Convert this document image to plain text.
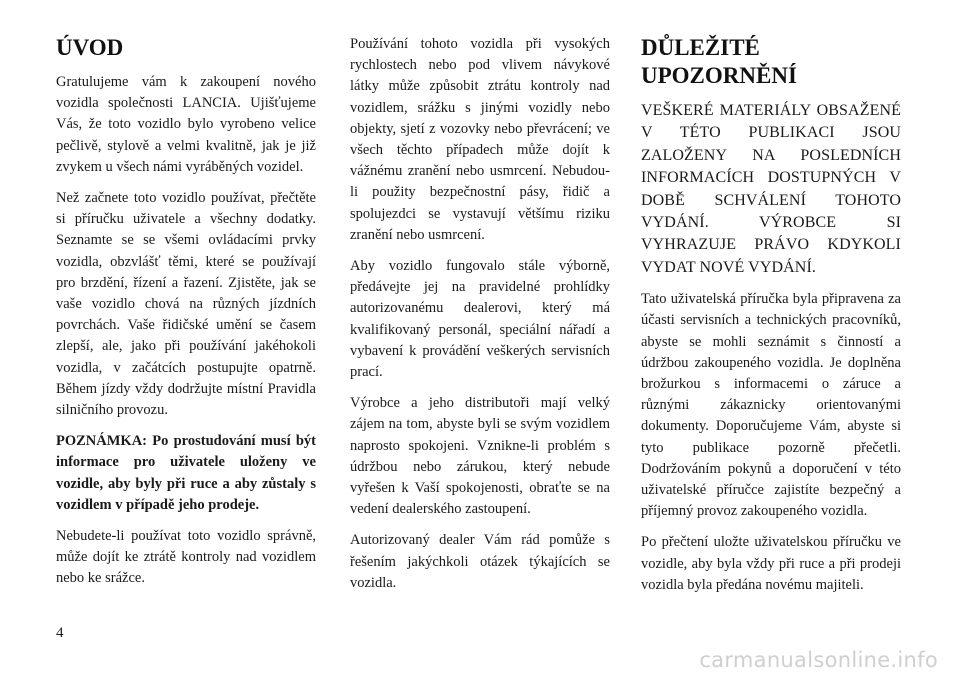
ÚVOD

Gratulujeme vám k zakoupení nového vozidla společnosti LANCIA. Ujišťujeme Vás, že toto vozidlo bylo vyrobeno velice pečlivě, stylově a velmi kvalitně, jak je již zvykem u všech námi vyráběných vozidel.

Než začnete toto vozidlo používat, přečtěte si příručku uživatele a všechny dodatky. Seznamte se se všemi ovládacími prvky vozidla, obzvlášť těmi, které se používají pro brzdění, řízení a řazení. Zjistěte, jak se vaše vozidlo chová na různých jízdních povrchách. Vaše řidičské umění se časem zlepší, ale, jako při používání jakéhokoli vozidla, v začátcích postupujte opatrně. Během jízdy vždy dodržujte místní Pravidla silničního provozu.

POZNÁMKA: Po prostudování musí být informace pro uživatele uloženy ve vozidle, aby byly při ruce a aby zůstaly s vozidlem v případě jeho prodeje.

Nebudete-li používat toto vozidlo správně, může dojít ke ztrátě kontroly nad vozidlem nebo ke srážce.

Používání tohoto vozidla při vysokých rychlostech nebo pod vlivem návykové látky může způsobit ztrátu kontroly nad vozidlem, srážku s jinými vozidly nebo objekty, sjetí z vozovky nebo převrácení; ve všech těchto případech může dojít k vážnému zranění nebo usmrcení. Nebudou-li použity bezpečnostní pásy, řidič a spolujezdci se vystavují většímu riziku zranění nebo usmrcení.

Aby vozidlo fungovalo stále výborně, předávejte jej na pravidelné prohlídky autorizovanému dealerovi, který má kvalifikovaný personál, speciální nářadí a vybavení k provádění veškerých servisních prací.

Výrobce a jeho distributoři mají velký zájem na tom, abyste byli se svým vozidlem naprosto spokojeni. Vznikne-li problém s údržbou nebo zárukou, který nebude vyřešen k Vaší spokojenosti, obraťte se na vedení dealerského zastoupení.

Autorizovaný dealer Vám rád pomůže s řešením jakýchkoli otázek týkajících se vozidla.

DŮLEŽITÉ UPOZORNĚNÍ

VEŠKERÉ MATERIÁLY OBSAŽENÉ V TÉTO PUBLIKACI JSOU ZALOŽENY NA POSLEDNÍCH INFORMACÍCH DOSTUPNÝCH V DOBĚ SCHVÁLENÍ TOHOTO VYDÁNÍ. VÝROBCE SI VYHRAZUJE PRÁVO KDYKOLI VYDAT NOVÉ VYDÁNÍ.

Tato uživatelská příručka byla připravena za účasti servisních a technických pracovníků, abyste se mohli seznámit s činností a údržbou zakoupeného vozidla. Je doplněna brožurkou s informacemi o záruce a různými zákaznicky orientovanými dokumenty. Doporučujeme Vám, abyste si tyto publikace pozorně přečetli. Dodržováním pokynů a doporučení v této uživatelské příručce zajistíte bezpečný a příjemný provoz zakoupeného vozidla.

Po přečtení uložte uživatelskou příručku ve vozidle, aby byla vždy při ruce a při prodeji vozidla byla předána novému majiteli.

4
carmanualsonline.info
